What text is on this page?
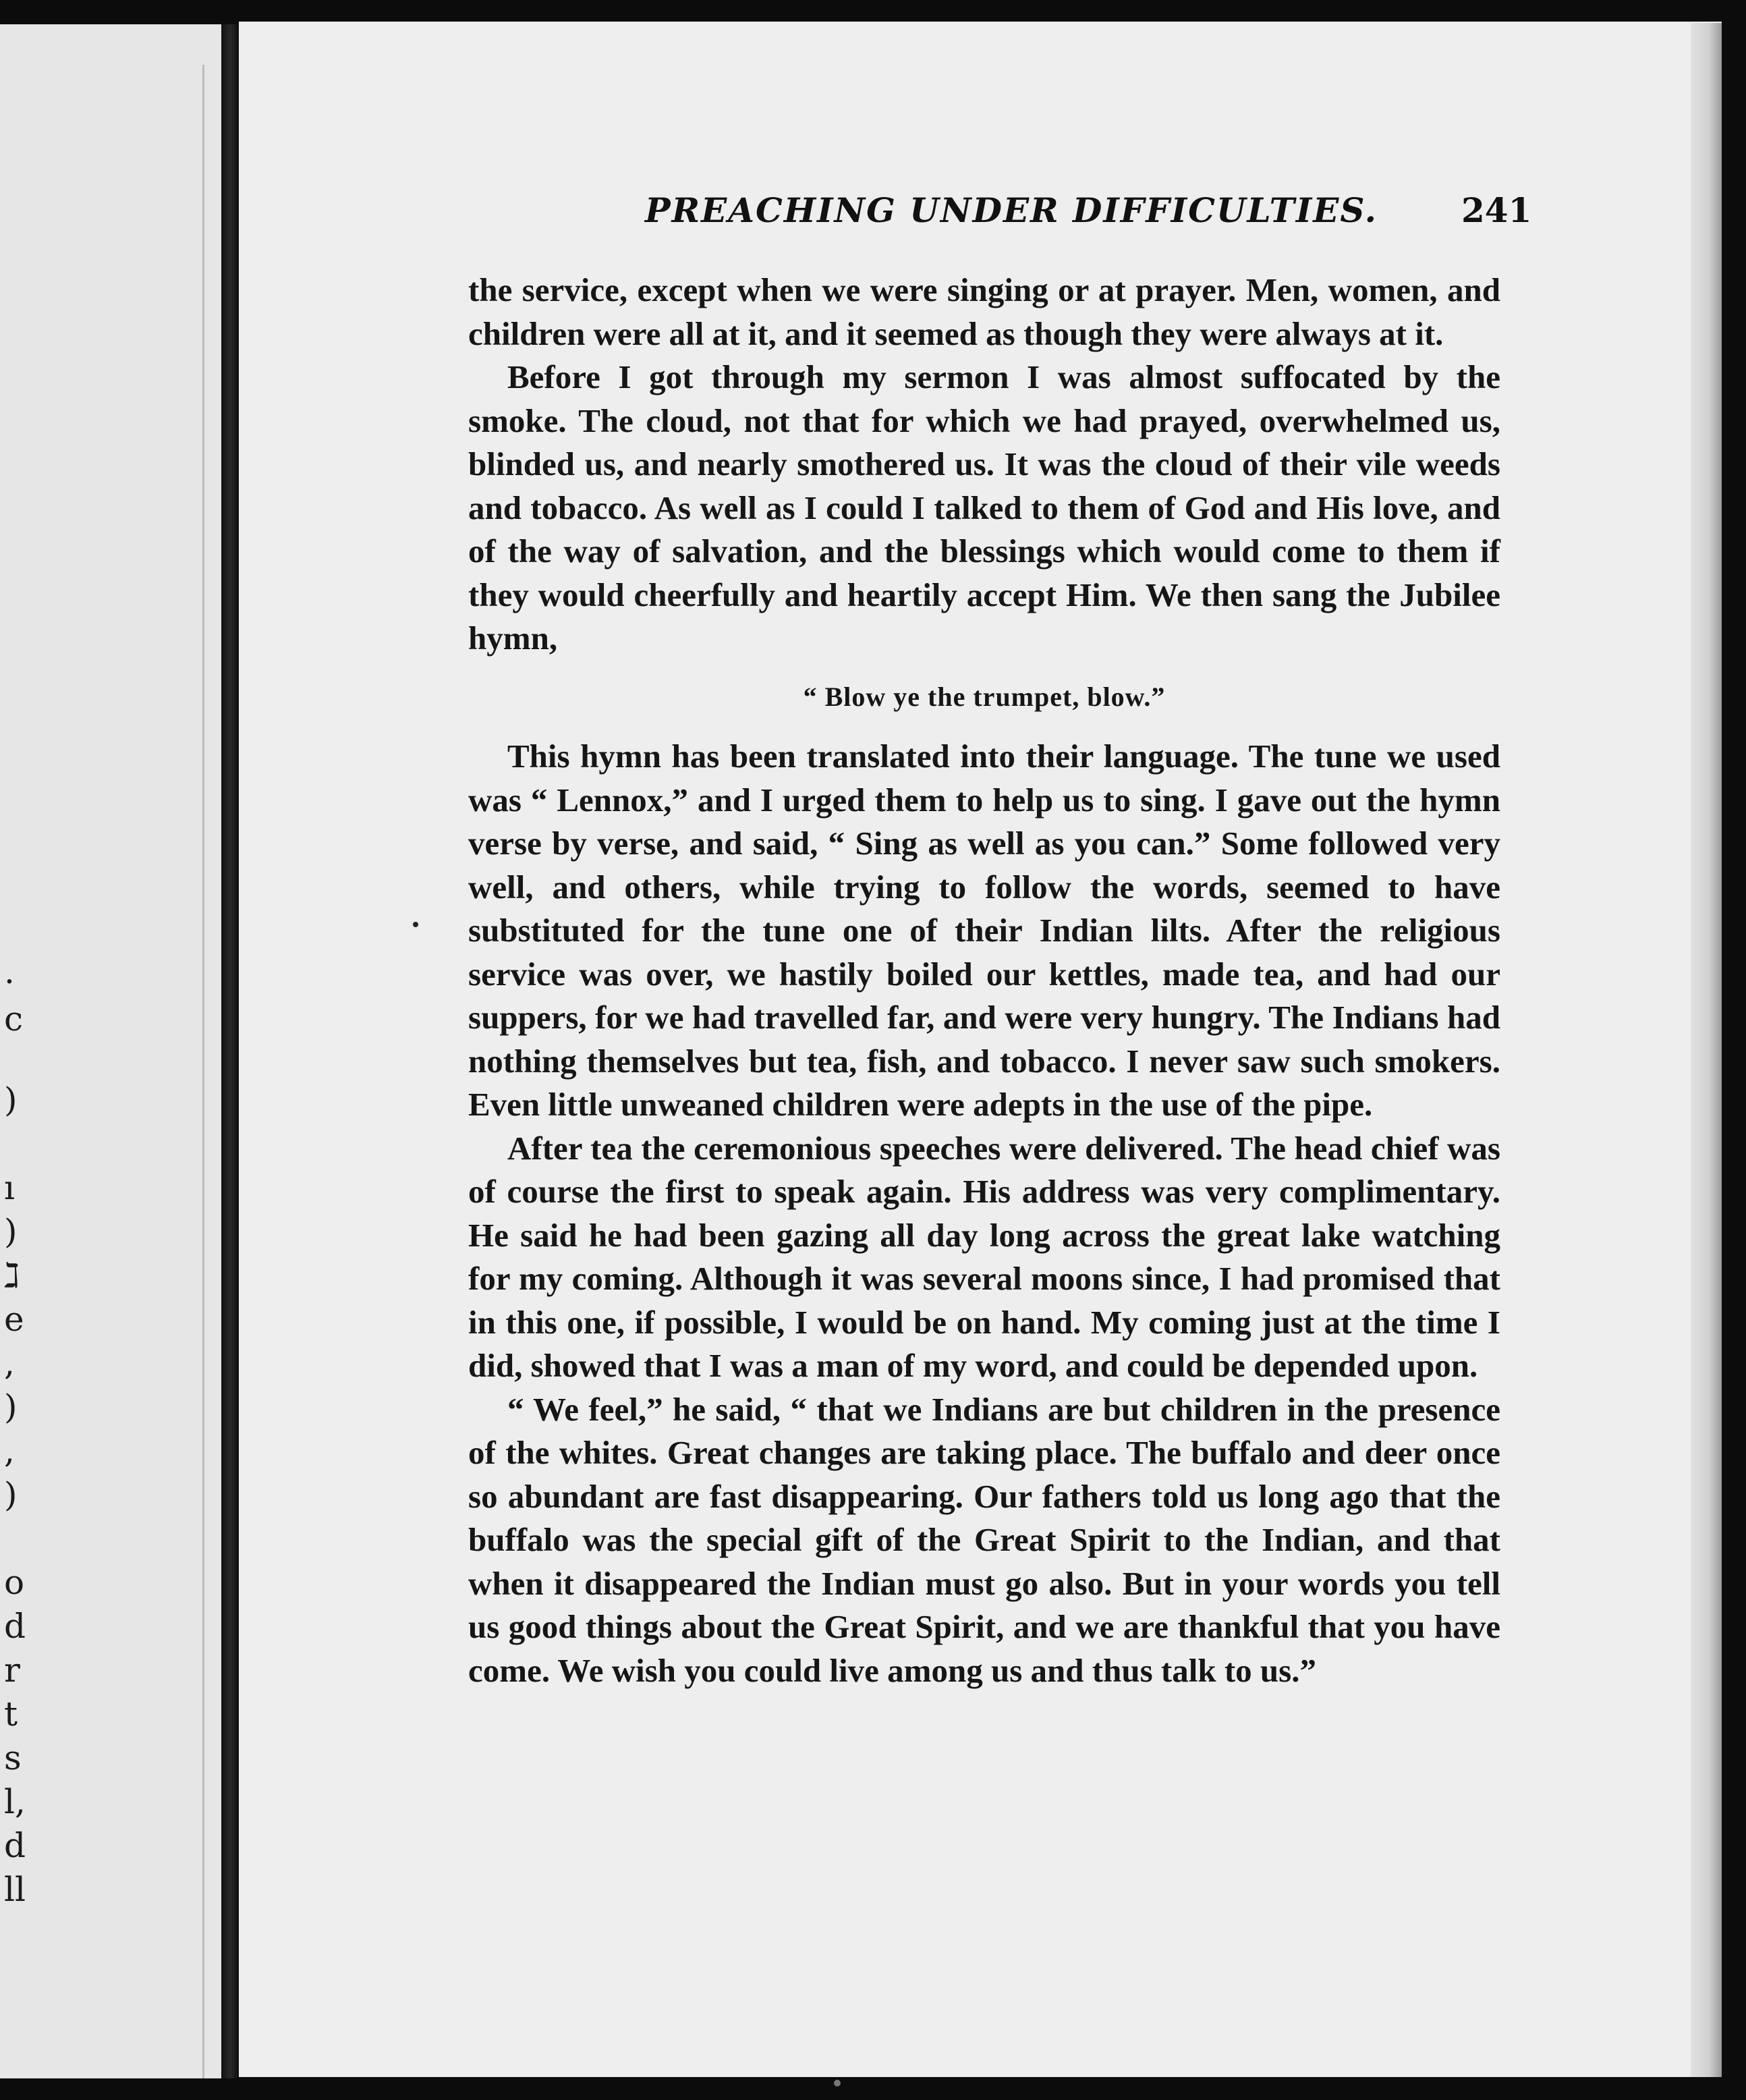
.
c
)
ı
)
ℷ
e
,
)
,
)
o
d
r
t
s
l,
d
ll
PREACHING UNDER DIFFICULTIES.	241

the service, except when we were singing or at prayer. Men, women, and children were all at it, and it seemed as though they were always at it.

Before I got through my sermon I was almost suffocated by the smoke. The cloud, not that for which we had prayed, overwhelmed us, blinded us, and nearly smothered us. It was the cloud of their vile weeds and tobacco. As well as I could I talked to them of God and His love, and of the way of salvation, and the blessings which would come to them if they would cheerfully and heartily accept Him. We then sang the Jubilee hymn,

“ Blow ye the trumpet, blow.”

This hymn has been translated into their language. The tune we used was “ Lennox,” and I urged them to help us to sing. I gave out the hymn verse by verse, and said, “ Sing as well as you can.” Some followed very well, and others, while trying to follow the words, seemed to have substituted for the tune one of their Indian lilts. After the religious service was over, we hastily boiled our kettles, made tea, and had our suppers, for we had travelled far, and were very hungry. The Indians had nothing themselves but tea, fish, and tobacco. I never saw such smokers. Even little unweaned children were adepts in the use of the pipe.

After tea the ceremonious speeches were delivered. The head chief was of course the first to speak again. His address was very complimentary. He said he had been gazing all day long across the great lake watching for my coming. Although it was several moons since, I had promised that in this one, if possible, I would be on hand. My coming just at the time I did, showed that I was a man of my word, and could be depended upon.

“ We feel,” he said, “ that we Indians are but children in the presence of the whites. Great changes are taking place. The buffalo and deer once so abundant are fast disappearing. Our fathers told us long ago that the buffalo was the special gift of the Great Spirit to the Indian, and that when it disappeared the Indian must go also. But in your words you tell us good things about the Great Spirit, and we are thankful that you have come. We wish you could live among us and thus talk to us.”
